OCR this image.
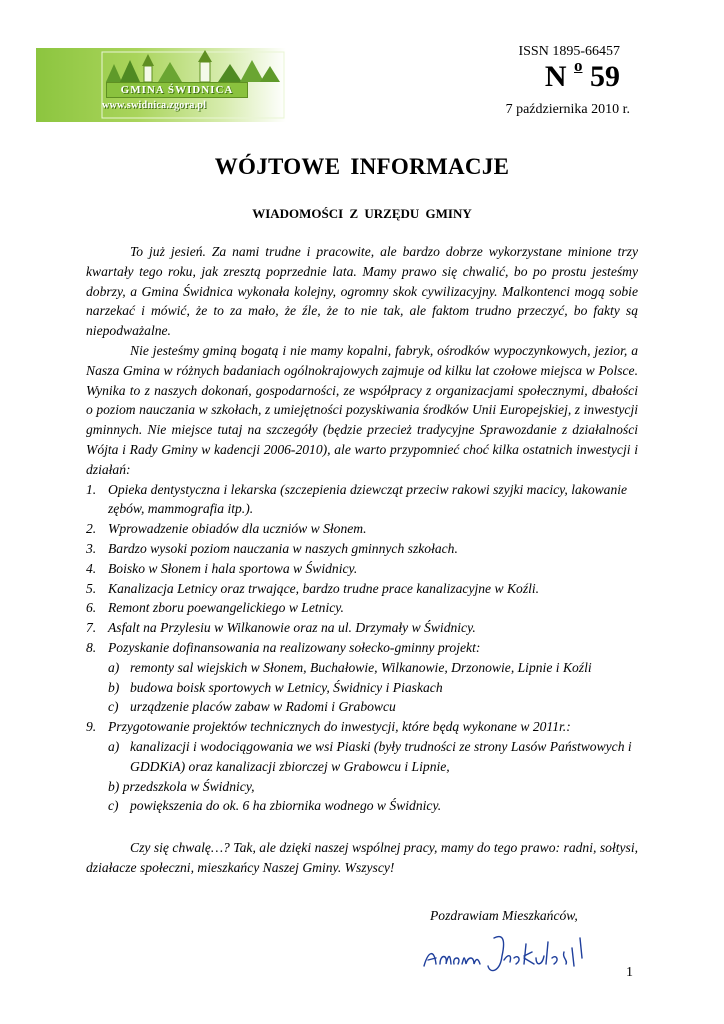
GMINA ŚWIDNICA
www.swidnica.zgora.pl
ISSN 1895-66457
N $^o$ 59
7 października 2010 r.
WÓJTOWE INFORMACJE
WIADOMOŚCI Z URZĘDU GMINY

To już jesień. Za nami trudne i pracowite, ale bardzo dobrze wykorzystane minione trzy kwartały tego roku, jak zresztą poprzednie lata. Mamy prawo się chwalić, bo po prostu jesteśmy dobrzy, a Gmina Świdnica wykonała kolejny, ogromny skok cywilizacyjny. Malkontenci mogą sobie narzekać i mówić, że to za mało, że źle, że to nie tak, ale faktom trudno przeczyć, bo fakty są niepodważalne.

Nie jesteśmy gminą bogatą i nie mamy kopalni, fabryk, ośrodków wypoczynkowych, jezior, a Nasza Gmina w różnych badaniach ogólnokrajowych zajmuje od kilku lat czołowe miejsca w Polsce. Wynika to z naszych dokonań, gospodarności, ze współpracy z organizacjami społecznymi, dbałości o poziom nauczania w szkołach, z umiejętności pozyskiwania środków Unii Europejskiej, z inwestycji gminnych. Nie miejsce tutaj na szczegóły (będzie przecież tradycyjne Sprawozdanie z działalności Wójta i Rady Gminy w kadencji 2006-2010), ale warto przypomnieć choć kilka ostatnich inwestycji i działań:

1. Opieka dentystyczna i lekarska (szczepienia dziewcząt przeciw rakowi szyjki macicy, lakowanie zębów, mammografia itp.).
2. Wprowadzenie obiadów dla uczniów w Słonem.
3. Bardzo wysoki poziom nauczania w naszych gminnych szkołach.
4. Boisko w Słonem i hala sportowa w Świdnicy.
5. Kanalizacja Letnicy oraz trwające, bardzo trudne prace kanalizacyjne w Koźli.
6. Remont zboru poewangelickiego w Letnicy.
7. Asfalt na Przylesiu w Wilkanowie oraz na ul. Drzymały w Świdnicy.
8. Pozyskanie dofinansowania na realizowany sołecko-gminny projekt:
a) remonty sal wiejskich w Słonem, Buchałowie, Wilkanowie, Drzonowie, Lipnie i Koźli
b) budowa boisk sportowych w Letnicy, Świdnicy i Piaskach
c) urządzenie placów zabaw w Radomi i Grabowcu
9. Przygotowanie projektów technicznych do inwestycji, które będą wykonane w 2011r.:
a) kanalizacji i wodociągowania we wsi Piaski (były trudności ze strony Lasów Państwowych i GDDKiA) oraz kanalizacji zbiorczej w Grabowcu i Lipnie,
b) przedszkola w Świdnicy,
c) powiększenia do ok. 6 ha zbiornika wodnego w Świdnicy.

Czy się chwalę…? Tak, ale dzięki naszej wspólnej pracy, mamy do tego prawo: radni, sołtysi, działacze społeczni, mieszkańcy Naszej Gminy. Wszyscy!

Pozdrawiam Mieszkańców,
1
